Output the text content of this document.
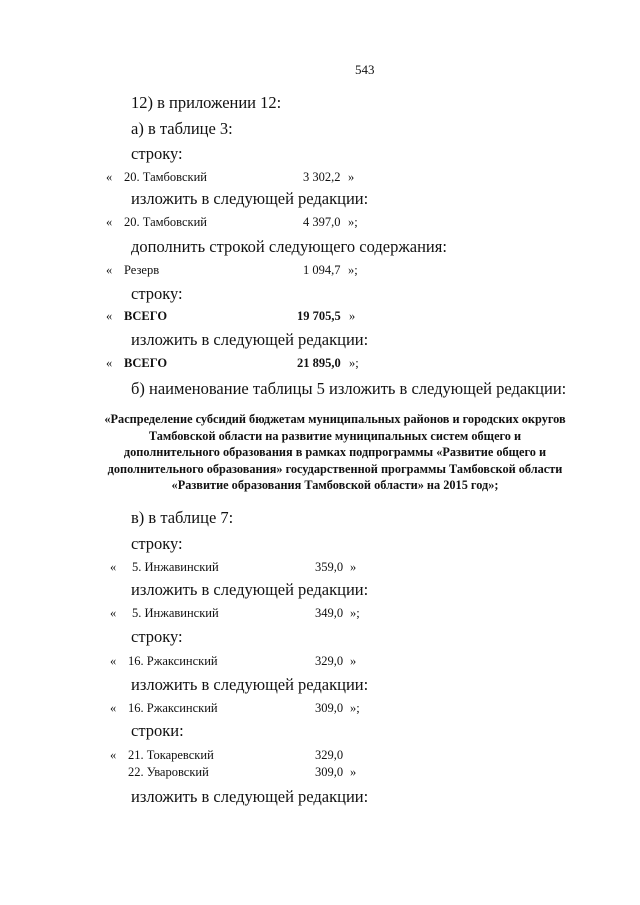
543
12) в приложении 12:
а) в таблице 3:
строку:
« 20. Тамбовский	3 302,2 »
изложить в следующей редакции:
« 20. Тамбовский	4 397,0 »;
дополнить строкой следующего содержания:
« Резерв	1 094,7 »;
строку:
« ВСЕГО	19 705,5 »
изложить в следующей редакции:
« ВСЕГО	21 895,0 »;
б) наименование таблицы 5 изложить в следующей редакции:
«Распределение субсидий бюджетам муниципальных районов и городских округов
Тамбовской области на развитие муниципальных систем общего и
дополнительного образования в рамках подпрограммы «Развитие общего и
дополнительного образования» государственной программы Тамбовской области
«Развитие образования Тамбовской области» на 2015 год»;
в) в таблице 7:
строку:
« 5. Инжавинский	359,0 »
изложить в следующей редакции:
« 5. Инжавинский	349,0 »;
строку:
« 16. Ржаксинский	329,0 »
изложить в следующей редакции:
« 16. Ржаксинский	309,0 »;
строки:
« 21. Токаревский	329,0
22. Уваровский	309,0 »
изложить в следующей редакции:
